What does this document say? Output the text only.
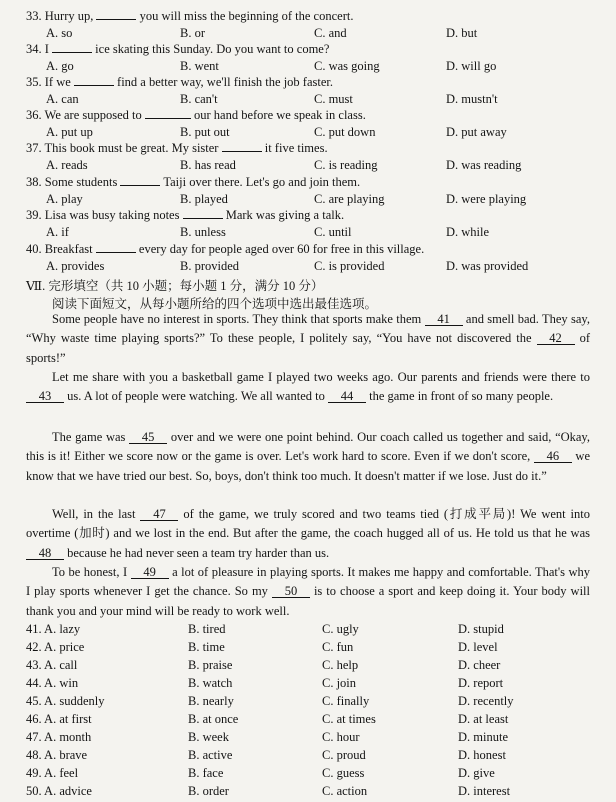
33. Hurry up,	you will miss the beginning of the concert.
A. so	B. or	C. and	D. but
34. I	ice skating this Sunday. Do you want to come?
A. go	B. went	C. was going	D. will go
35. If we	find a better way, we'll finish the job faster.
A. can	B. can't	C. must	D. mustn't
36. We are supposed to	our hand before we speak in class.
A. put up	B. put out	C. put down	D. put away
37. This book must be great. My sister	it five times.
A. reads	B. has read	C. is reading	D. was reading
38. Some students	Taiji over there. Let's go and join them.
A. play	B. played	C. are playing	D. were playing
39. Lisa was busy taking notes	Mark was giving a talk.
A. if	B. unless	C. until	D. while
40. Breakfast	every day for people aged over 60 for free in this village.
A. provides	B. provided	C. is provided	D. was provided
Ⅶ. 完形填空（共 10 小题；每小题 1 分，满分 10 分）
阅读下面短文，从每小题所给的四个选项中选出最佳选项。
Some people have no interest in sports. They think that sports make them 41 and smell bad. They say, “Why waste time playing sports?” To these people, I politely say, “You have not discovered the 42 of sports!”
Let me share with you a basketball game I played two weeks ago. Our parents and friends were there to 43 us. A lot of people were watching. We all wanted to 44 the game in front of so many people.
The game was 45 over and we were one point behind. Our coach called us together and said, “Okay, this is it! Either we score now or the game is over. Let's work hard to score. Even if we don't score, 46 we know that we have tried our best. So, boys, don't think too much. It doesn't matter if we lose. Just do it.”
Well, in the last 47 of the game, we truly scored and two teams tied (打成平局)! We went into overtime (加时) and we lost in the end. But after the game, the coach hugged all of us. He told us that he was 48 because he had never seen a team try harder than us.
To be honest, I 49 a lot of pleasure in playing sports. It makes me happy and comfortable. That's why I play sports whenever I get the chance. So my 50 is to choose a sport and keep doing it. Your body will thank you and your mind will be ready to work well.
41. A. lazy	B. tired	C. ugly	D. stupid
42. A. price	B. time	C. fun	D. level
43. A. call	B. praise	C. help	D. cheer
44. A. win	B. watch	C. join	D. report
45. A. suddenly	B. nearly	C. finally	D. recently
46. A. at first	B. at once	C. at times	D. at least
47. A. month	B. week	C. hour	D. minute
48. A. brave	B. active	C. proud	D. honest
49. A. feel	B. face	C. guess	D. give
50. A. advice	B. order	C. action	D. interest
